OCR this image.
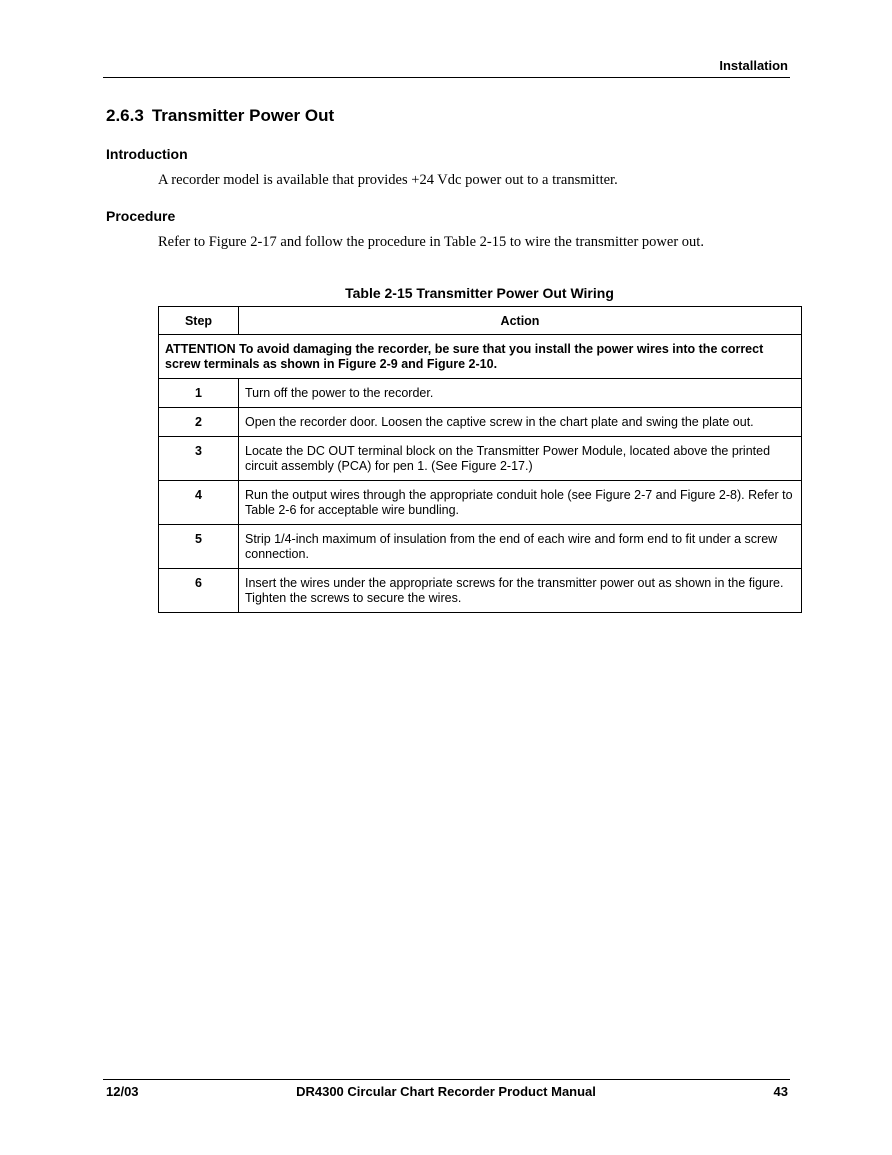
Installation
2.6.3 Transmitter Power Out
Introduction

A recorder model is available that provides +24 Vdc power out to a transmitter.

Procedure

Refer to Figure 2-17 and follow the procedure in Table 2-15 to wire the transmitter power out.

Table 2-15 Transmitter Power Out Wiring
Step	Action
ATTENTION To avoid damaging the recorder, be sure that you install the power wires into the correct screw terminals as shown in Figure 2-9 and Figure 2-10.	
1	Turn off the power to the recorder.
2	Open the recorder door. Loosen the captive screw in the chart plate and swing the plate out.
3	Locate the DC OUT terminal block on the Transmitter Power Module, located above the printed circuit assembly (PCA) for pen 1. (See Figure 2-17.)
4	Run the output wires through the appropriate conduit hole (see Figure 2-7 and Figure 2-8). Refer to Table 2-6 for acceptable wire bundling.
5	Strip 1/4-inch maximum of insulation from the end of each wire and form end to fit under a screw connection.
6	Insert the wires under the appropriate screws for the transmitter power out as shown in the figure. Tighten the screws to secure the wires.
12/03	DR4300 Circular Chart Recorder Product Manual	43
